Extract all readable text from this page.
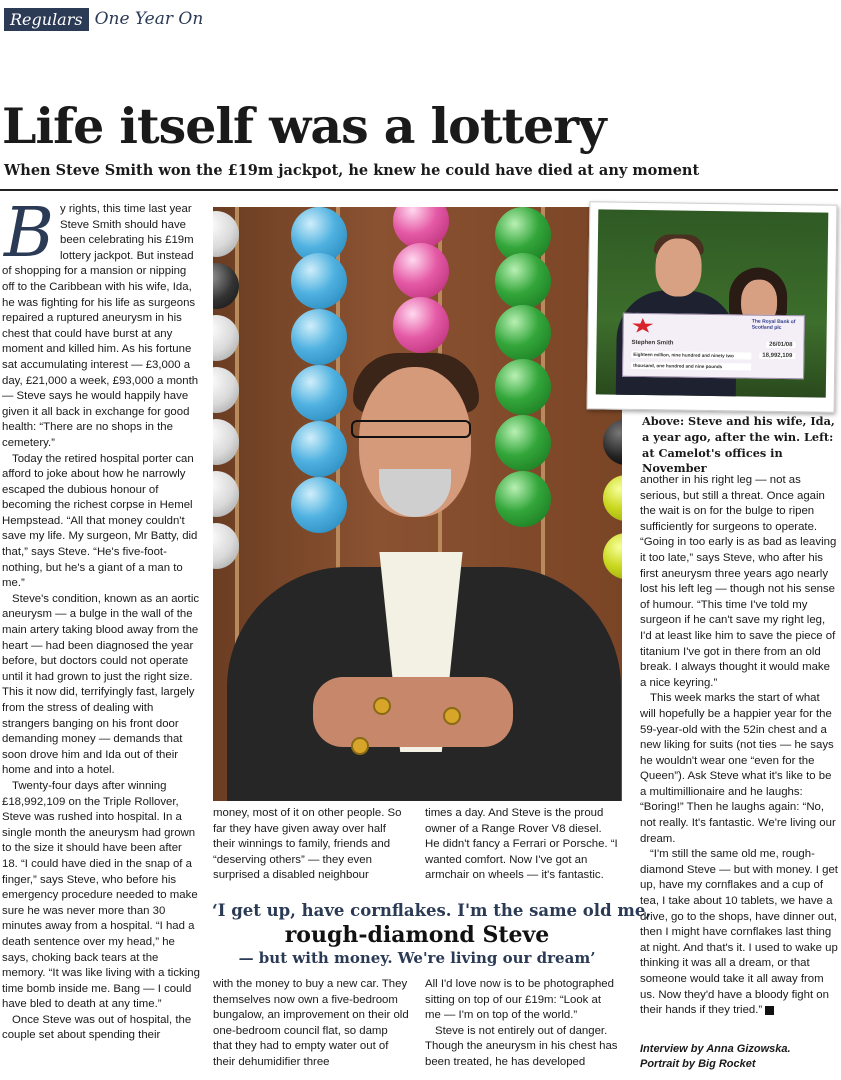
Regulars One Year On
Life itself was a lottery
When Steve Smith won the £19m jackpot, he knew he could have died at any moment
B y rights, this time last year Steve Smith should have been celebrating his £19m lottery jackpot. But instead of shopping for a mansion or nipping off to the Caribbean with his wife, Ida, he was fighting for his life as surgeons repaired a ruptured aneurysm in his chest that could have burst at any moment and killed him. As his fortune sat accumulating interest — £3,000 a day, £21,000 a week, £93,000 a month — Steve says he would happily have given it all back in exchange for good health: “There are no shops in the cemetery.”

Today the retired hospital porter can afford to joke about how he narrowly escaped the dubious honour of becoming the richest corpse in Hemel Hempstead. “All that money couldn't save my life. My surgeon, Mr Batty, did that,” says Steve. “He's five-foot-nothing, but he's a giant of a man to me.”

Steve's condition, known as an aortic aneurysm — a bulge in the wall of the main artery taking blood away from the heart — had been diagnosed the year before, but doctors could not operate until it had grown to just the right size. This it now did, terrifyingly fast, largely from the stress of dealing with strangers banging on his front door demanding money — demands that soon drove him and Ida out of their home and into a hotel.

Twenty-four days after winning £18,992,109 on the Triple Rollover, Steve was rushed into hospital. In a single month the aneurysm had grown to the size it should have been after 18. “I could have died in the snap of a finger,” says Steve, who before his emergency procedure needed to make sure he was never more than 30 minutes away from a hospital. “I had a death sentence over my head,” he says, choking back tears at the memory. “It was like living with a ticking time bomb inside me. Bang — I could have bled to death at any time.”

Once Steve was out of hospital, the couple set about spending their

The Royal Bank of Scotland plc
Stephen Smith	26/01/08
Eighteen million, nine hundred and ninety two	18,992,109
thousand, one hundred and nine pounds
Above: Steve and his wife, Ida, a year ago, after the win. Left: at Camelot's offices in November

money, most of it on other people. So far they have given away over half their winnings to family, friends and “deserving others” — they even surprised a disabled neighbour

times a day. And Steve is the proud owner of a Range Rover V8 diesel. He didn't fancy a Ferrari or Porsche. “I wanted comfort. Now I've got an armchair on wheels — it's fantastic.

‘I get up, have cornflakes. I'm the same old me,
rough-diamond Steve
— but with money. We're living our dream’

with the money to buy a new car. They themselves now own a five-bedroom bungalow, an improvement on their old one-bedroom council flat, so damp that they had to empty water out of their dehumidifier three

All I'd love now is to be photographed sitting on top of our £19m: “Look at me — I'm on top of the world.”

Steve is not entirely out of danger. Though the aneurysm in his chest has been treated, he has developed

another in his right leg — not as serious, but still a threat. Once again the wait is on for the bulge to ripen sufficiently for surgeons to operate. “Going in too early is as bad as leaving it too late,” says Steve, who after his first aneurysm three years ago nearly lost his left leg — though not his sense of humour. “This time I've told my surgeon if he can't save my right leg, I'd at least like him to save the piece of titanium I've got in there from an old break. I always thought it would make a nice keyring.”

This week marks the start of what will hopefully be a happier year for the 59-year-old with the 52in chest and a new liking for suits (not ties — he says he wouldn't wear one “even for the Queen”). Ask Steve what it's like to be a multimillionaire and he laughs: “Boring!” Then he laughs again: “No, not really. It's fantastic. We're living our dream.

“I'm still the same old me, rough-diamond Steve — but with money. I get up, have my cornflakes and a cup of tea, I take about 10 tablets, we have a drive, go to the shops, have dinner out, then I might have cornflakes last thing at night. And that's it. I used to wake up thinking it was all a dream, or that someone would take it all away from us. Now they'd have a bloody fight on their hands if they tried.”

Interview by Anna Gizowska.
Portrait by Big Rocket
